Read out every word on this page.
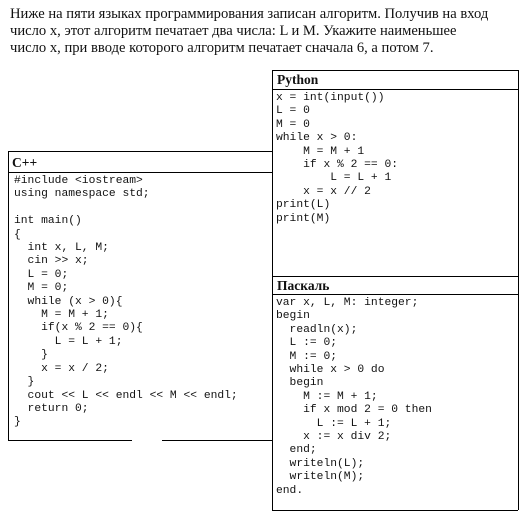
Ниже на пяти языках программирования записан алгоритм. Получив на вход
число x, этот алгоритм печатает два числа: L и M. Укажите наименьшее
число x, при вводе которого алгоритм печатает сначала 6, а потом 7.
C++
#include <iostream>
using namespace std;

int main()
{
int x, L, M;
cin >> x;
L = 0;
M = 0;
while (x > 0){
M = M + 1;
if(x % 2 == 0){
L = L + 1;
}
x = x / 2;
}
cout << L << endl << M << endl;
return 0;
}
Python
x = int(input())
L = 0
M = 0
while x > 0:
M = M + 1
if x % 2 == 0:
L = L + 1
x = x // 2
print(L)
print(M)
Паскаль
var x, L, M: integer;
begin
readln(x);
L := 0;
M := 0;
while x > 0 do
begin
M := M + 1;
if x mod 2 = 0 then
L := L + 1;
x := x div 2;
end;
writeln(L);
writeln(M);
end.
